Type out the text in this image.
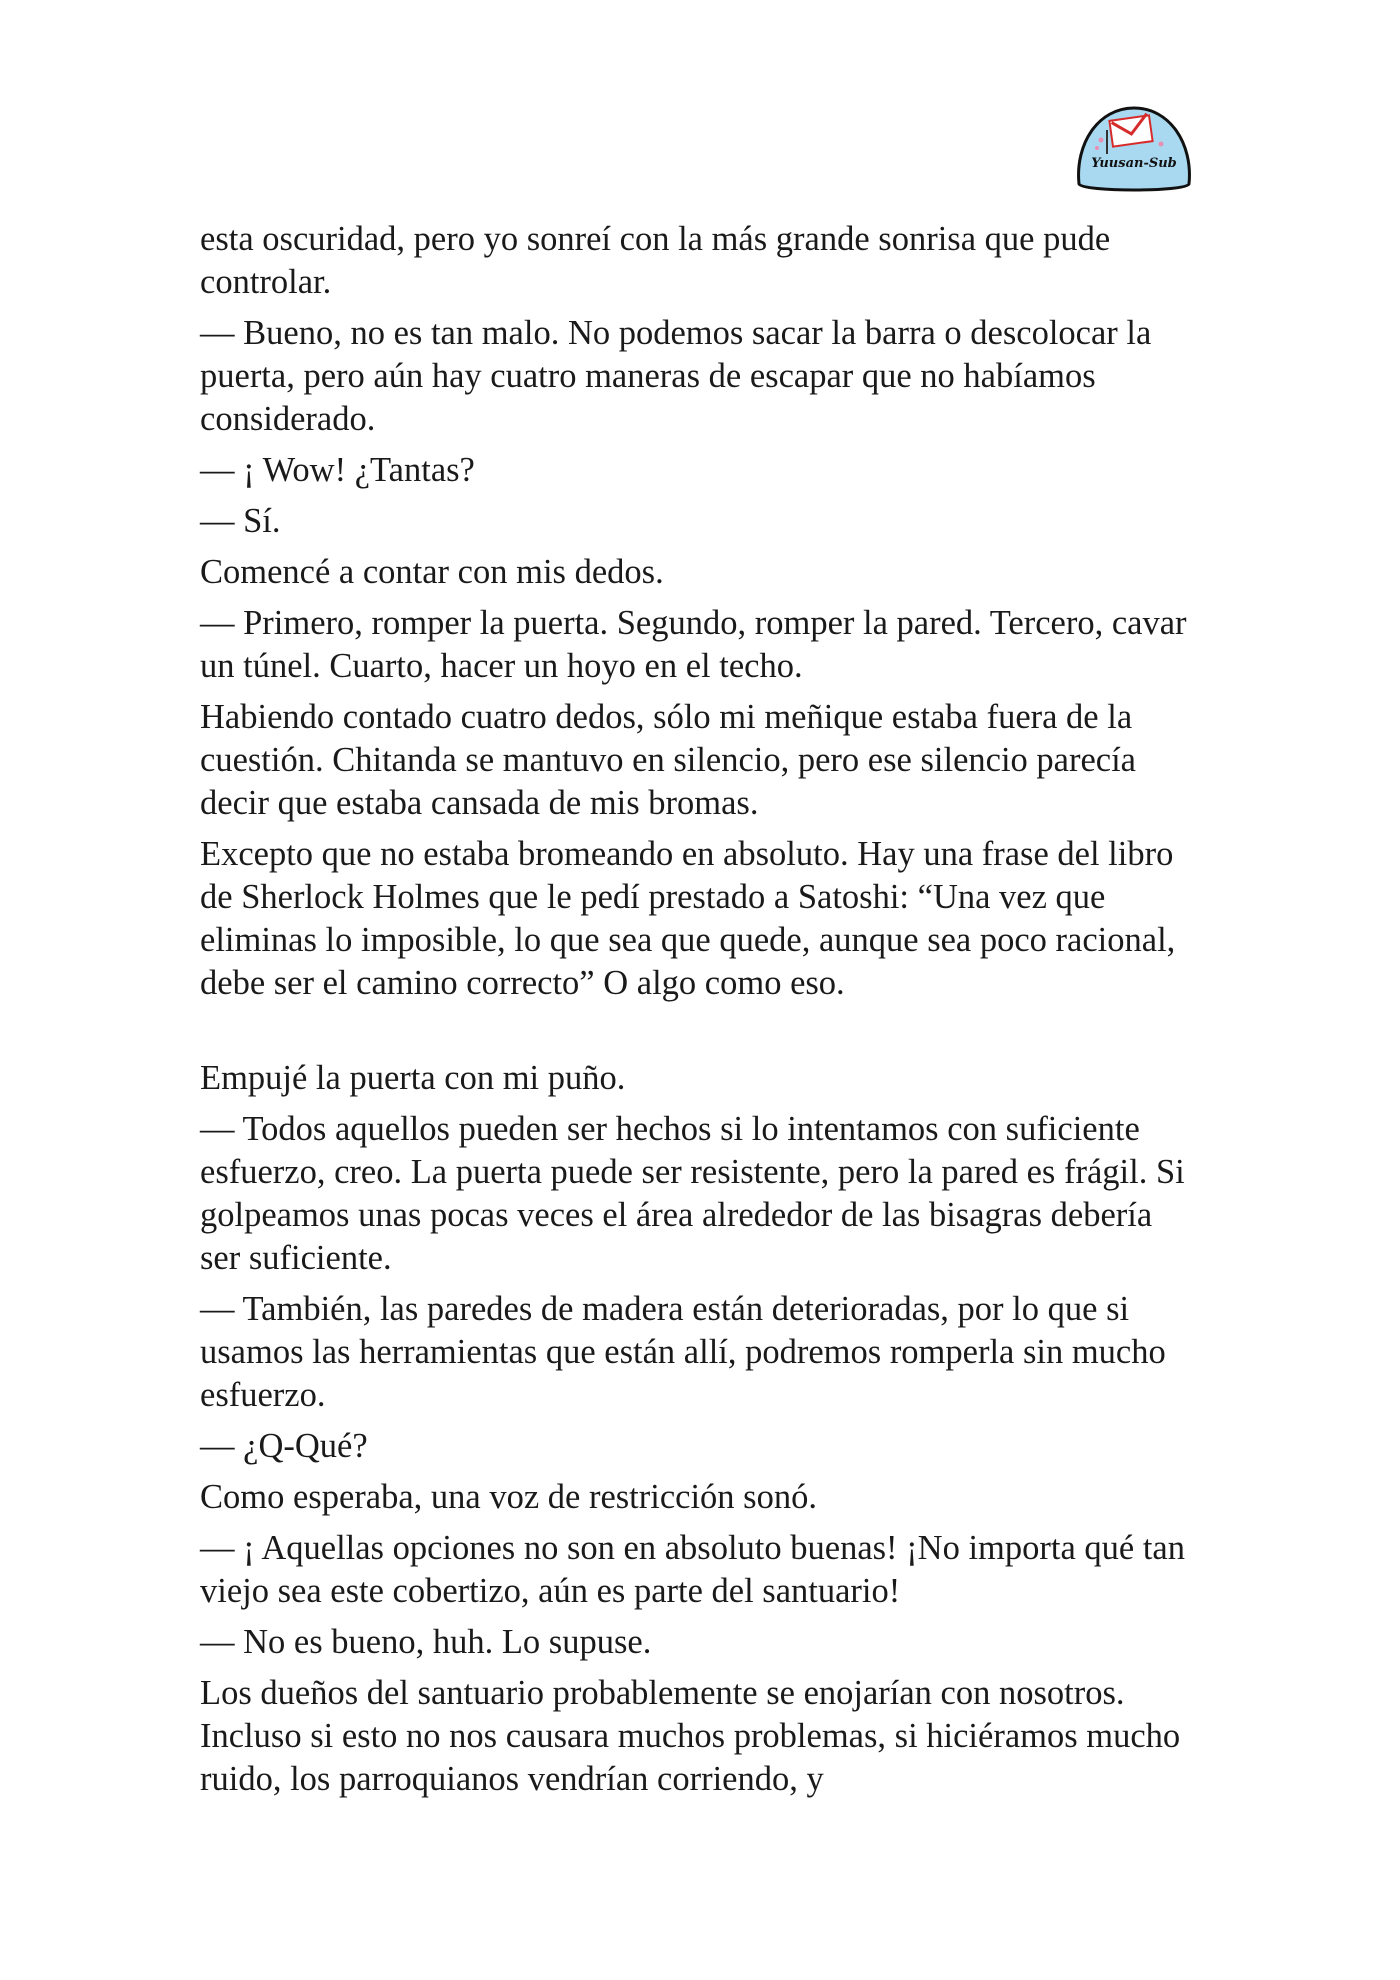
Yuusan-Sub

esta oscuridad, pero yo sonreí con la más grande sonrisa que pude controlar.

— Bueno, no es tan malo. No podemos sacar la barra o descolocar la puerta, pero aún hay cuatro maneras de escapar que no habíamos considerado.

— ¡ Wow! ¿Tantas?

— Sí.

Comencé a contar con mis dedos.

— Primero, romper la puerta. Segundo, romper la pared. Tercero, cavar un túnel. Cuarto, hacer un hoyo en el techo.

Habiendo contado cuatro dedos, sólo mi meñique estaba fuera de la cuestión. Chitanda se mantuvo en silencio, pero ese silencio parecía decir que estaba cansada de mis bromas.

Excepto que no estaba bromeando en absoluto. Hay una frase del libro de Sherlock Holmes que le pedí prestado a Satoshi: “Una vez que eliminas lo imposible, lo que sea que quede, aunque sea poco racional, debe ser el camino correcto” O algo como eso.

Empujé la puerta con mi puño.

— Todos aquellos pueden ser hechos si lo intentamos con suficiente esfuerzo, creo. La puerta puede ser resistente, pero la pared es frágil. Si golpeamos unas pocas veces el área alrededor de las bisagras debería ser suficiente.

— También, las paredes de madera están deterioradas, por lo que si usamos las herramientas que están allí, podremos romperla sin mucho esfuerzo.

— ¿Q-Qué?

Como esperaba, una voz de restricción sonó.

— ¡ Aquellas opciones no son en absoluto buenas! ¡No importa qué tan viejo sea este cobertizo, aún es parte del santuario!

— No es bueno, huh. Lo supuse.

Los dueños del santuario probablemente se enojarían con nosotros. Incluso si esto no nos causara muchos problemas, si hiciéramos mucho ruido, los parroquianos vendrían corriendo, y
